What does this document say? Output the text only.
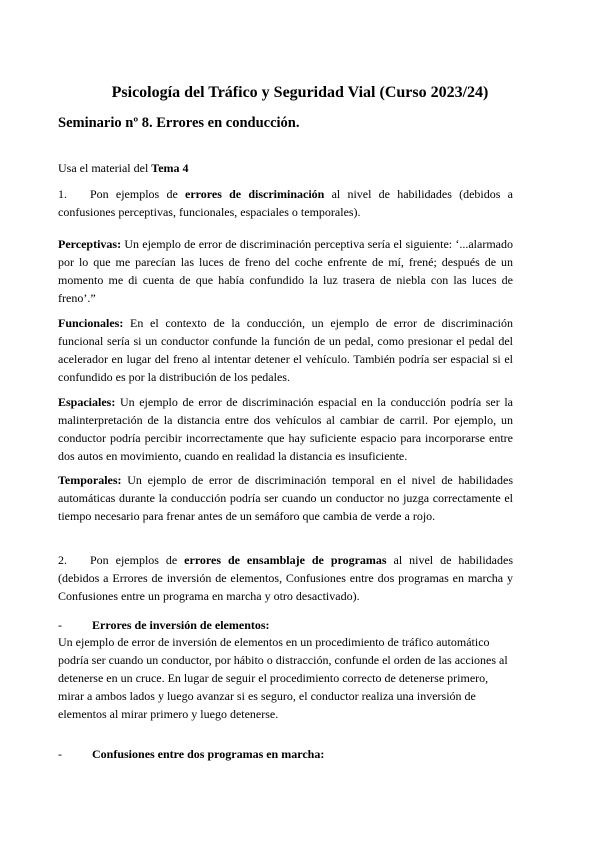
Psicología del Tráfico y Seguridad Vial (Curso 2023/24)
Seminario nº 8. Errores en conducción.
Usa el material del Tema 4
1. Pon ejemplos de errores de discriminación al nivel de habilidades (debidos a confusiones perceptivas, funcionales, espaciales o temporales).
Perceptivas: Un ejemplo de error de discriminación perceptiva sería el siguiente: ‘...alarmado por lo que me parecían las luces de freno del coche enfrente de mí, frené; después de un momento me di cuenta de que había confundido la luz trasera de niebla con las luces de freno’.”
Funcionales: En el contexto de la conducción, un ejemplo de error de discriminación funcional sería si un conductor confunde la función de un pedal, como presionar el pedal del acelerador en lugar del freno al intentar detener el vehículo. También podría ser espacial si el confundido es por la distribución de los pedales.
Espaciales: Un ejemplo de error de discriminación espacial en la conducción podría ser la malinterpretación de la distancia entre dos vehículos al cambiar de carril. Por ejemplo, un conductor podría percibir incorrectamente que hay suficiente espacio para incorporarse entre dos autos en movimiento, cuando en realidad la distancia es insuficiente.
Temporales: Un ejemplo de error de discriminación temporal en el nivel de habilidades automáticas durante la conducción podría ser cuando un conductor no juzga correctamente el tiempo necesario para frenar antes de un semáforo que cambia de verde a rojo.
2. Pon ejemplos de errores de ensamblaje de programas al nivel de habilidades (debidos a Errores de inversión de elementos, Confusiones entre dos programas en marcha y Confusiones entre un programa en marcha y otro desactivado).
-	Errores de inversión de elementos:
Un ejemplo de error de inversión de elementos en un procedimiento de tráfico automático podría ser cuando un conductor, por hábito o distracción, confunde el orden de las acciones al detenerse en un cruce. En lugar de seguir el procedimiento correcto de detenerse primero, mirar a ambos lados y luego avanzar si es seguro, el conductor realiza una inversión de elementos al mirar primero y luego detenerse.
-	Confusiones entre dos programas en marcha:
